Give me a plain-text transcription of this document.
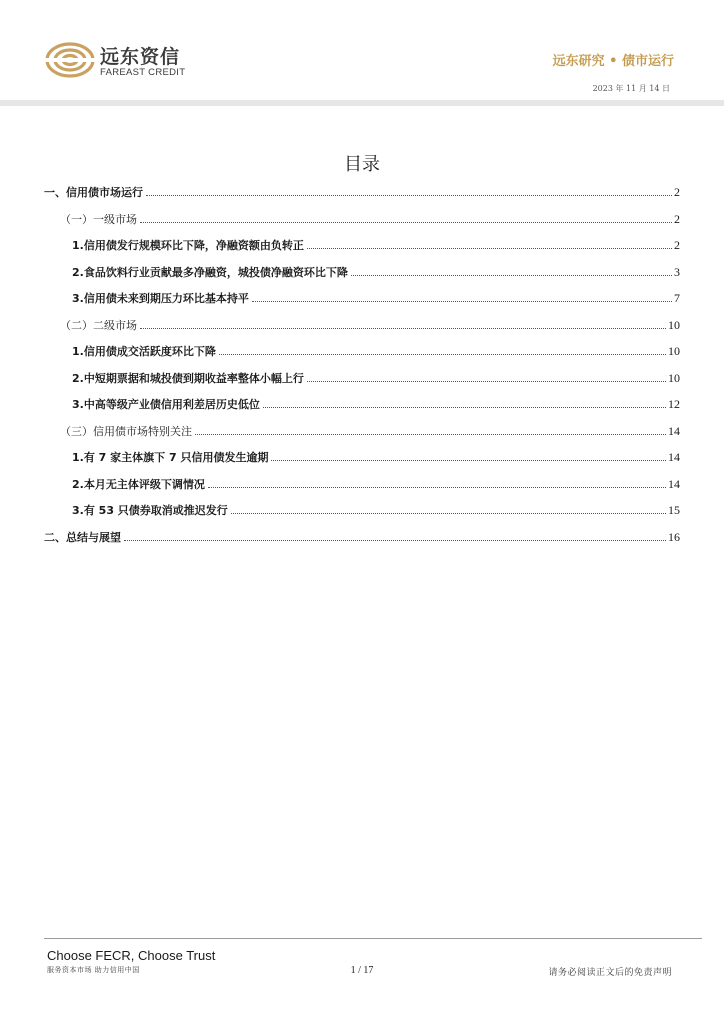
远东资信
FAREAST CREDIT
远东研究 • 债市运行
2023 年 11 月 14 日
目录
一、信用债市场运行	2
（一）一级市场	2
1.信用债发行规模环比下降，净融资额由负转正	2
2.食品饮料行业贡献最多净融资，城投债净融资环比下降	3
3.信用债未来到期压力环比基本持平	7
（二）二级市场	10
1.信用债成交活跃度环比下降	10
2.中短期票据和城投债到期收益率整体小幅上行	10
3.中高等级产业债信用利差居历史低位	12
（三）信用债市场特别关注	14
1.有 7 家主体旗下 7 只信用债发生逾期	14
2.本月无主体评级下调情况	14
3.有 53 只债券取消或推迟发行	15
二、总结与展望	16
Choose FECR, Choose Trust
服务资本市场 助力信用中国	1 / 17	请务必阅读正文后的免责声明
